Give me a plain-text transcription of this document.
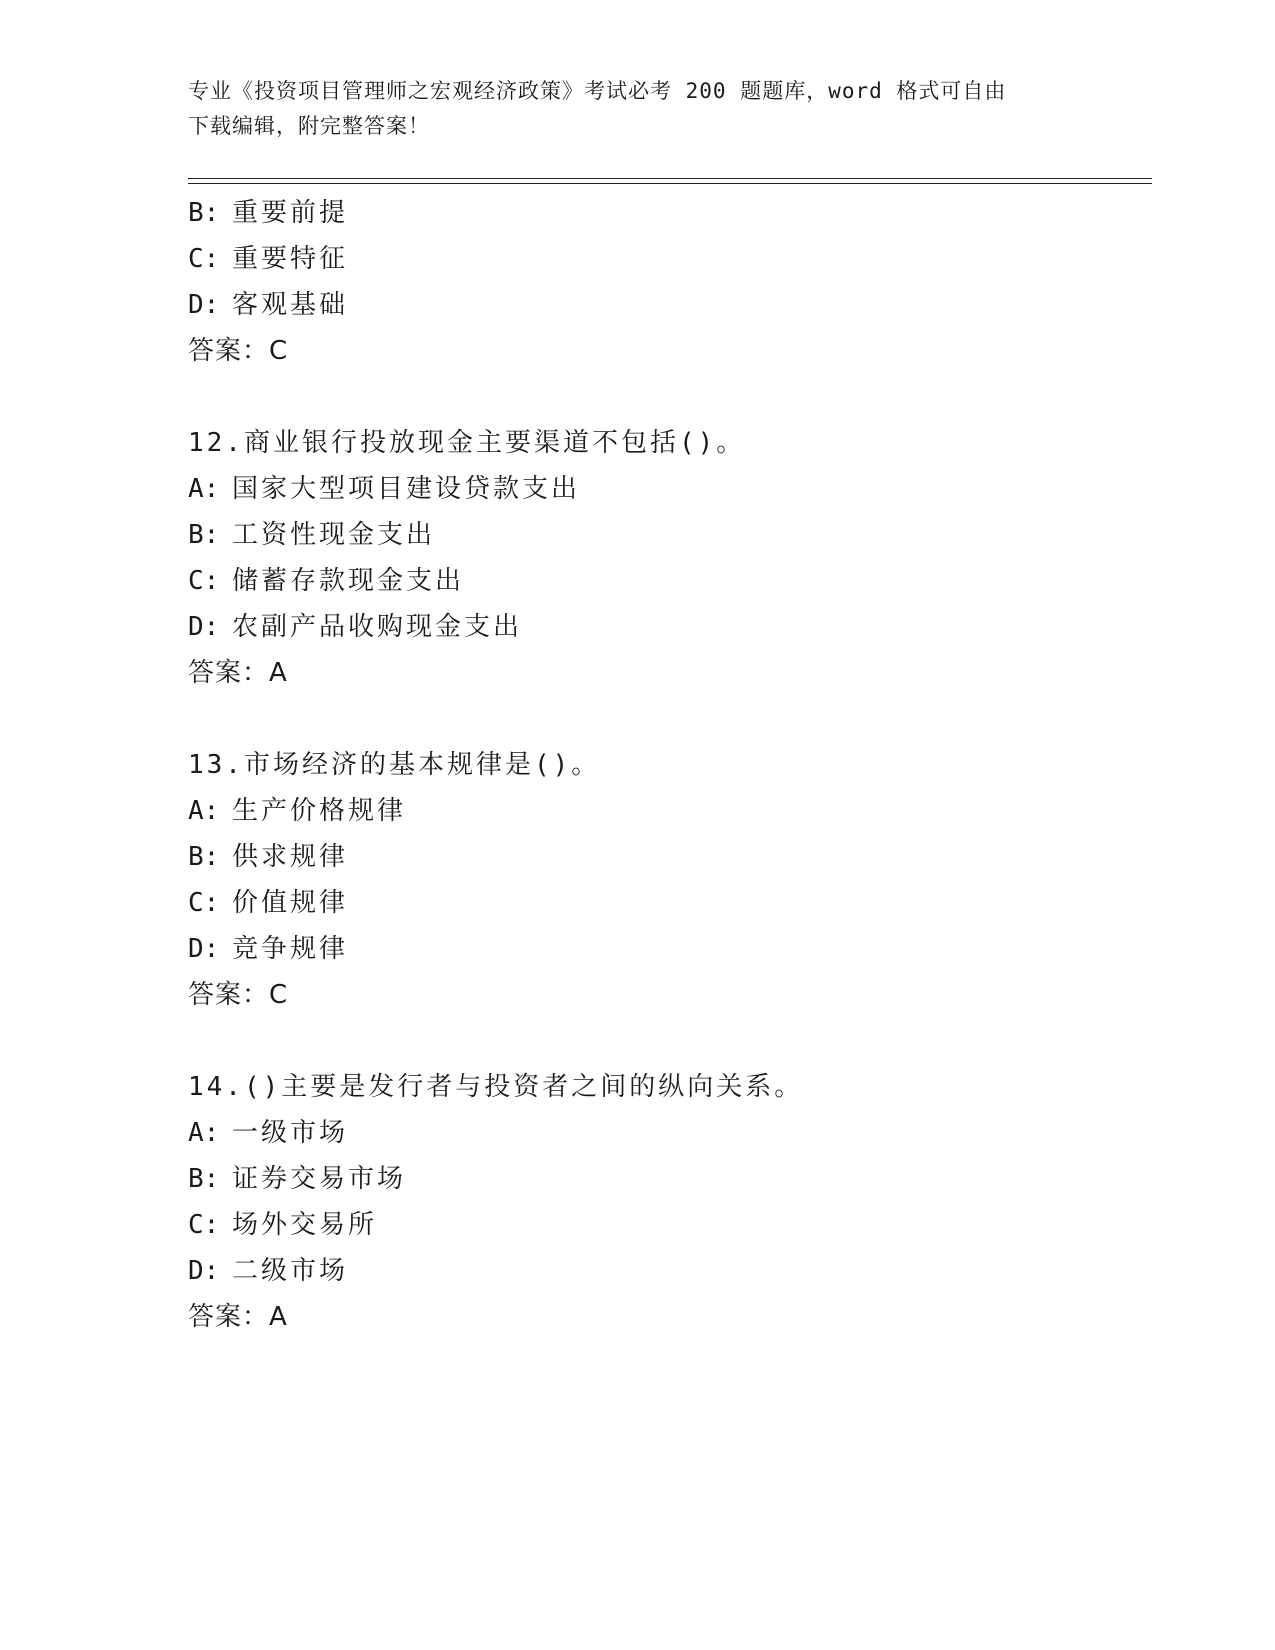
专业《投资项目管理师之宏观经济政策》考试必考 200 题题库，word 格式可自由
下载编辑，附完整答案！
B: 重要前提
C: 重要特征
D: 客观基础
答案：C
12.商业银行投放现金主要渠道不包括()。
A: 国家大型项目建设贷款支出
B: 工资性现金支出
C: 储蓄存款现金支出
D: 农副产品收购现金支出
答案：A
13.市场经济的基本规律是()。
A: 生产价格规律
B: 供求规律
C: 价值规律
D: 竞争规律
答案：C
14.()主要是发行者与投资者之间的纵向关系。
A: 一级市场
B: 证券交易市场
C: 场外交易所
D: 二级市场
答案：A
